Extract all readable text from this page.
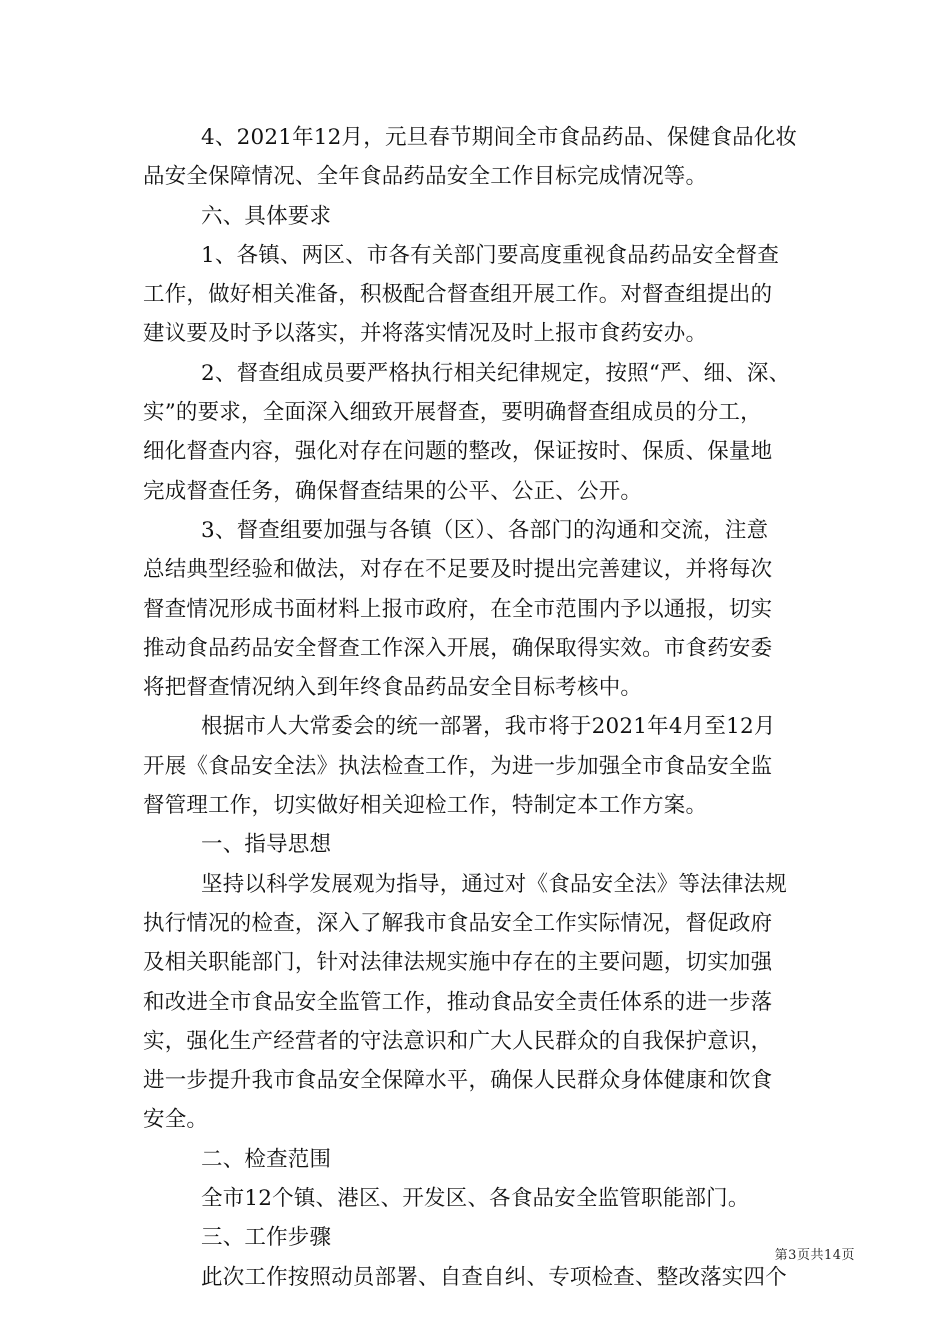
4、2021年12月，元旦春节期间全市食品药品、保健食品化妆
品安全保障情况、全年食品药品安全工作目标完成情况等。
六、具体要求
1、各镇、两区、市各有关部门要高度重视食品药品安全督查
工作，做好相关准备，积极配合督查组开展工作。对督查组提出的
建议要及时予以落实，并将落实情况及时上报市食药安办。
2、督查组成员要严格执行相关纪律规定，按照“严、细、深、
实”的要求，全面深入细致开展督查，要明确督查组成员的分工，
细化督查内容，强化对存在问题的整改，保证按时、保质、保量地
完成督查任务，确保督查结果的公平、公正、公开。
3、督查组要加强与各镇（区）、各部门的沟通和交流，注意
总结典型经验和做法，对存在不足要及时提出完善建议，并将每次
督查情况形成书面材料上报市政府，在全市范围内予以通报，切实
推动食品药品安全督查工作深入开展，确保取得实效。市食药安委
将把督查情况纳入到年终食品药品安全目标考核中。
根据市人大常委会的统一部署，我市将于2021年4月至12月
开展《食品安全法》执法检查工作，为进一步加强全市食品安全监
督管理工作，切实做好相关迎检工作，特制定本工作方案。
一、指导思想
坚持以科学发展观为指导，通过对《食品安全法》等法律法规
执行情况的检查，深入了解我市食品安全工作实际情况，督促政府
及相关职能部门，针对法律法规实施中存在的主要问题，切实加强
和改进全市食品安全监管工作，推动食品安全责任体系的进一步落
实，强化生产经营者的守法意识和广大人民群众的自我保护意识，
进一步提升我市食品安全保障水平，确保人民群众身体健康和饮食
安全。
二、检查范围
全市12个镇、港区、开发区、各食品安全监管职能部门。
三、工作步骤
此次工作按照动员部署、自查自纠、专项检查、整改落实四个
第3页共14页
